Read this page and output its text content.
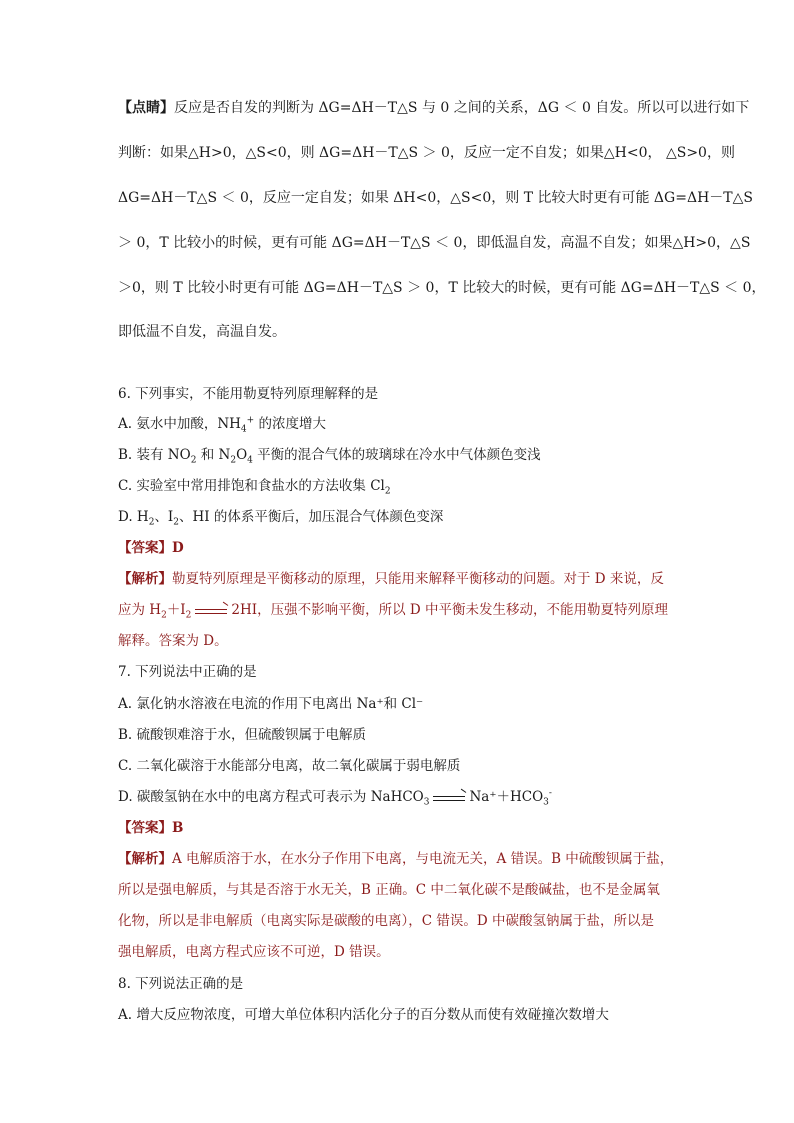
【点睛】反应是否自发的判断为 ΔG=ΔH－T△S 与 0 之间的关系，ΔG ＜ 0 自发。所以可以进行如下
判断：如果△H>0，△S<0，则 ΔG=ΔH－T△S ＞ 0，反应一定不自发；如果△H<0， △S>0，则
ΔG=ΔH－T△S ＜ 0，反应一定自发；如果 ΔH<0，△S<0，则 T 比较大时更有可能 ΔG=ΔH－T△S
＞ 0，T 比较小的时候，更有可能 ΔG=ΔH－T△S ＜ 0，即低温自发，高温不自发；如果△H>0，△S
＞0，则 T 比较小时更有可能 ΔG=ΔH－T△S ＞ 0，T 比较大的时候，更有可能 ΔG=ΔH－T△S ＜ 0，
即低温不自发，高温自发。
6. 下列事实，不能用勒夏特列原理解释的是
A. 氨水中加酸，$NH_4^+$ 的浓度增大
B. 装有 $NO_2$ 和 $N_2O_4$ 平衡的混合气体的玻璃球在冷水中气体颜色变浅
C. 实验室中常用排饱和食盐水的方法收集 $Cl_2$
D. $H_2$、$I_2$、HI 的体系平衡后，加压混合气体颜色变深
【答案】D
【解析】勒夏特列原理是平衡移动的原理，只能用来解释平衡移动的问题。对于 D 来说，反
应为 $H_2+I_2 \to 2HI$，压强不影响平衡，所以 D 中平衡未发生移动，不能用勒夏特列原理
解释。答案为 D。
7. 下列说法中正确的是
A. 氯化钠水溶液在电流的作用下电离出 Na⁺和 Cl⁻
B. 硫酸钡难溶于水，但硫酸钡属于电解质
C. 二氧化碳溶于水能部分电离，故二氧化碳属于弱电解质
D. 碳酸氢钠在水中的电离方程式可表示为 NaHCO$_3$ → $Na^++HCO_3^-$
【答案】B
【解析】A 电解质溶于水，在水分子作用下电离，与电流无关，A 错误。B 中硫酸钡属于盐，
所以是强电解质，与其是否溶于水无关，B 正确。C 中二氧化碳不是酸碱盐，也不是金属氧
化物，所以是非电解质（电离实际是碳酸的电离），C 错误。D 中碳酸氢钠属于盐，所以是
强电解质，电离方程式应该不可逆，D 错误。
8. 下列说法正确的是
A. 增大反应物浓度，可增大单位体积内活化分子的百分数从而使有效碰撞次数增大
